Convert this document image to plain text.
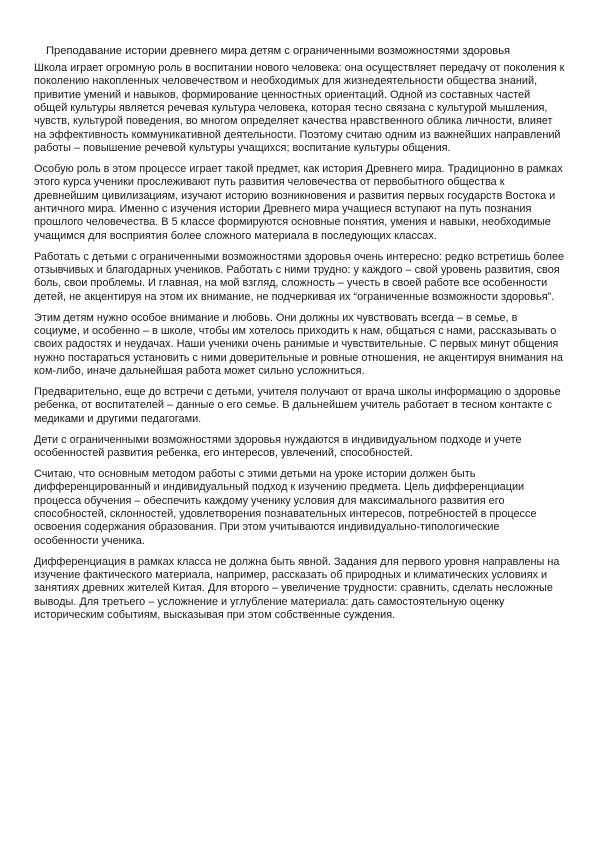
Преподавание истории древнего мира детям с ограниченными возможностями здоровья

Школа играет огромную роль в воспитании нового человека: она осуществляет передачу от поколения к поколению накопленных человечеством и необходимых для жизнедеятельности общества знаний, привитие умений и навыков, формирование ценностных ориентаций. Одной из составных частей общей культуры является речевая культура человека, которая тесно связана с культурой мышления, чувств, культурой поведения, во многом определяет качества нравственного облика личности, влияет на эффективность коммуникативной деятельности. Поэтому считаю одним из важнейших направлений работы – повышение речевой культуры учащихся; воспитание культуры общения.

Особую роль в этом процессе играет такой предмет, как история Древнего мира. Традиционно в рамках этого курса ученики прослеживают путь развития человечества от первобытного общества к древнейшим цивилизациям, изучают историю возникновения и развития первых государств Востока и античного мира. Именно с изучения истории Древнего мира учащиеся вступают на путь познания прошлого человечества. В 5 классе формируются основные понятия, умения и навыки, необходимые учащимся для восприятия более сложного материала в последующих классах.

Работать с детьми с ограниченными возможностями здоровья очень интересно: редко встретишь более отзывчивых и благодарных учеников. Работать с ними трудно: у каждого – свой уровень развития, своя боль, свои проблемы. И главная, на мой взгляд, сложность – учесть в своей работе все особенности детей, не акцентируя на этом их внимание, не подчеркивая их “ограниченные возможности здоровья”.

Этим детям нужно особое внимание и любовь. Они должны их чувствовать всегда – в семье, в социуме, и особенно – в школе, чтобы им хотелось приходить к нам, общаться с нами, рассказывать о своих радостях и неудачах. Наши ученики очень ранимые и чувствительные. С первых минут общения нужно постараться установить с ними доверительные и ровные отношения, не акцентируя внимания на ком-либо, иначе дальнейшая работа может сильно усложниться.

Предварительно, еще до встречи с детьми, учителя получают от врача школы информацию о здоровье ребенка, от воспитателей – данные о его семье. В дальнейшем учитель работает в тесном контакте с медиками и другими педагогами.

Дети с ограниченными возможностями здоровья нуждаются в индивидуальном подходе и учете особенностей развития ребенка, его интересов, увлечений, способностей.

Считаю, что основным методом работы с этими детьми на уроке истории должен быть дифференцированный и индивидуальный подход к изучению предмета. Цель дифференциации процесса обучения – обеспечить каждому ученику условия для максимального развития его способностей, склонностей, удовлетворения познавательных интересов, потребностей в процессе освоения содержания образования. При этом учитываются индивидуально-типологические особенности ученика.

Дифференциация в рамках класса не должна быть явной. Задания для первого уровня направлены на изучение фактического материала, например, рассказать об природных и климатических условиях и занятиях древних жителей Китая. Для второго – увеличение трудности: сравнить, сделать несложные выводы. Для третьего – усложнение и углубление материала: дать самостоятельную оценку историческим событиям, высказывая при этом собственные суждения.
